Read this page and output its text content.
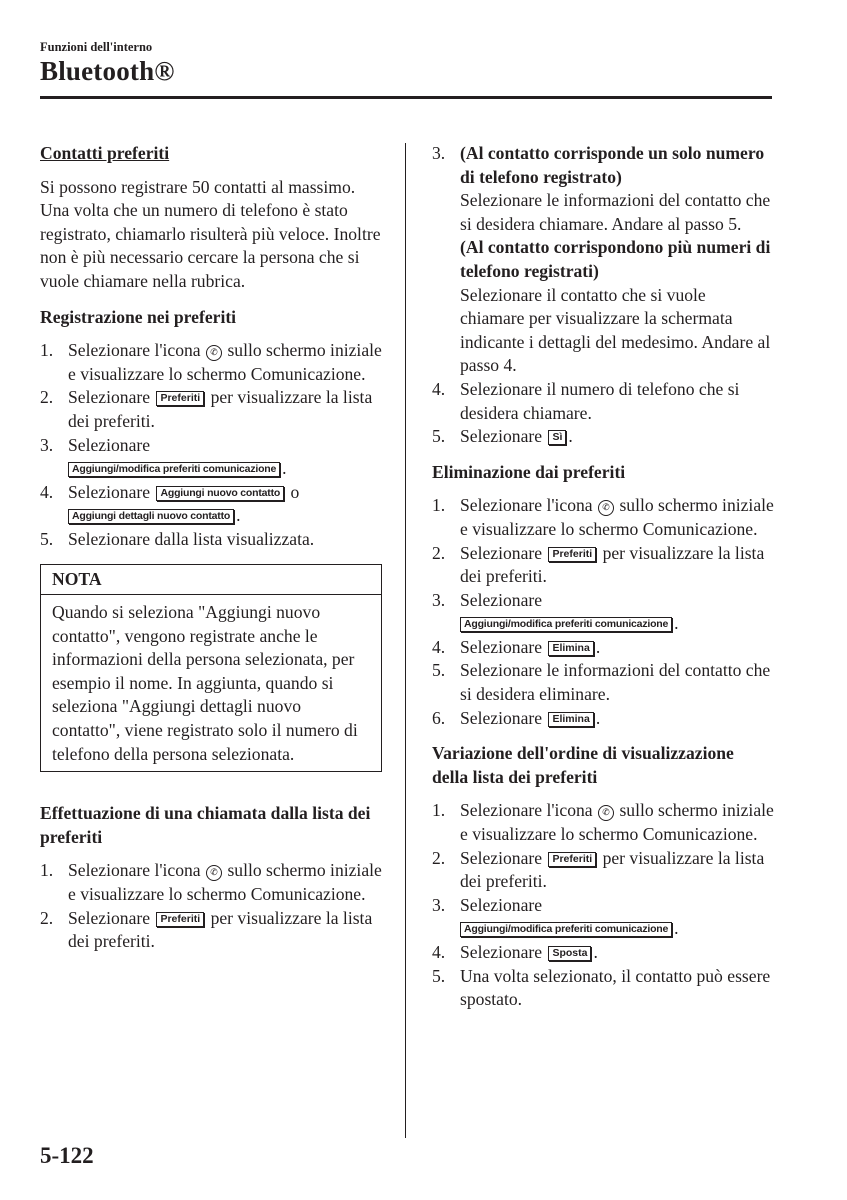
Funzioni dell'interno
Bluetooth®

Contatti preferiti

Si possono registrare 50 contatti al massimo. Una volta che un numero di telefono è stato registrato, chiamarlo risulterà più veloce. Inoltre non è più necessario cercare la persona che si vuole chiamare nella rubrica.

Registrazione nei preferiti

1. Selezionare l'icona ✆ sullo schermo iniziale e visualizzare lo schermo Comunicazione.
2. Selezionare Preferiti per visualizzare la lista dei preferiti.
3. Selezionare
Aggiungi/modifica preferiti comunicazione .
4. Selezionare Aggiungi nuovo contatto o
Aggiungi dettagli nuovo contatto .
5. Selezionare dalla lista visualizzata.
NOTA
Quando si seleziona "Aggiungi nuovo contatto", vengono registrate anche le informazioni della persona selezionata, per esempio il nome. In aggiunta, quando si seleziona "Aggiungi dettagli nuovo contatto", viene registrato solo il numero di telefono della persona selezionata.

Effettuazione di una chiamata dalla lista dei preferiti

1. Selezionare l'icona ✆ sullo schermo iniziale e visualizzare lo schermo Comunicazione.
2. Selezionare Preferiti per visualizzare la lista dei preferiti.
3. (Al contatto corrisponde un solo numero di telefono registrato)
Selezionare le informazioni del contatto che si desidera chiamare. Andare al passo 5.
(Al contatto corrispondono più numeri di telefono registrati)
Selezionare il contatto che si vuole chiamare per visualizzare la schermata indicante i dettagli del medesimo. Andare al passo 4.
4. Selezionare il numero di telefono che si desidera chiamare.
5. Selezionare Sì .

Eliminazione dai preferiti

1. Selezionare l'icona ✆ sullo schermo iniziale e visualizzare lo schermo Comunicazione.
2. Selezionare Preferiti per visualizzare la lista dei preferiti.
3. Selezionare
Aggiungi/modifica preferiti comunicazione .
4. Selezionare Elimina .
5. Selezionare le informazioni del contatto che si desidera eliminare.
6. Selezionare Elimina .

Variazione dell'ordine di visualizzazione della lista dei preferiti

1. Selezionare l'icona ✆ sullo schermo iniziale e visualizzare lo schermo Comunicazione.
2. Selezionare Preferiti per visualizzare la lista dei preferiti.
3. Selezionare
Aggiungi/modifica preferiti comunicazione .
4. Selezionare Sposta .
5. Una volta selezionato, il contatto può essere spostato.
5-122
